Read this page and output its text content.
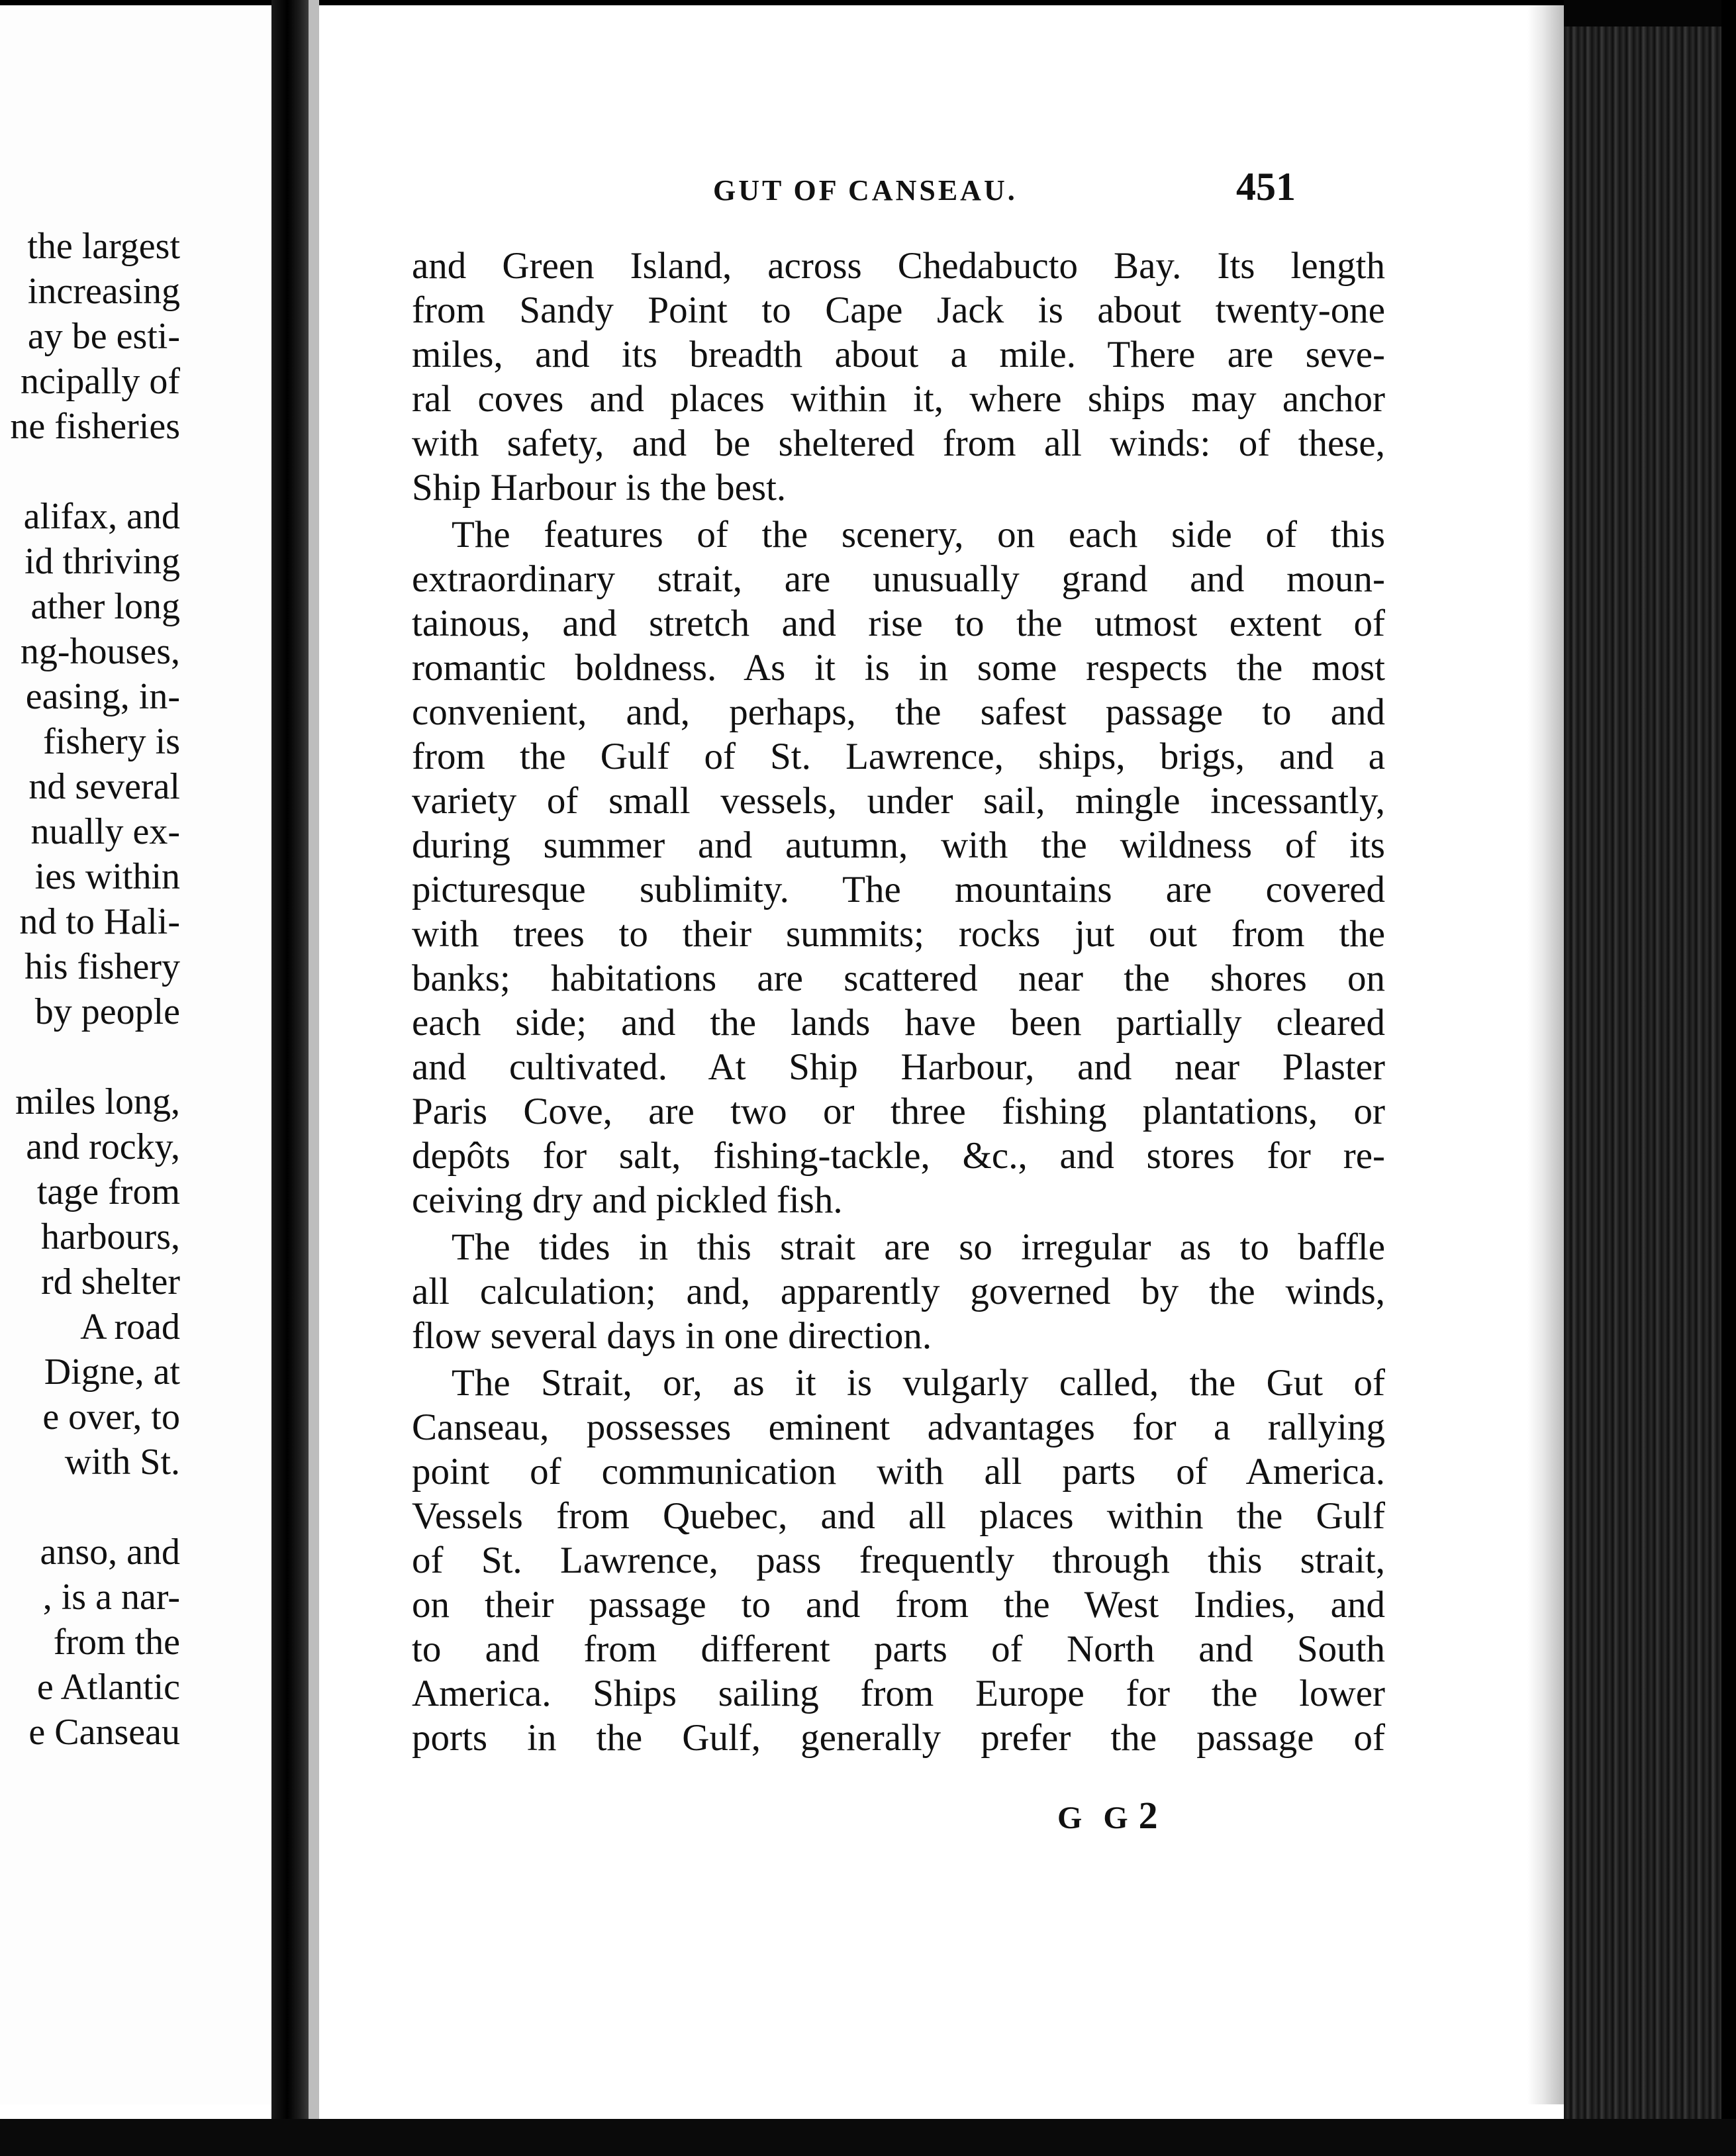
the largest
increasing
ay be esti-
ncipally of
ne fisheries
alifax, and
id thriving
ather long
ng-houses,
easing, in-
fishery is
nd several
nually ex-
ies within
nd to Hali-
his fishery
by people
miles long,
and rocky,
tage from
harbours,
rd shelter
A road
Digne, at
e over, to
with St.
anso, and
, is a nar-
from the
e Atlantic
e Canseau
GUT OF CANSEAU.	451
and Green Island, across Chedabucto Bay. Its length
from Sandy Point to Cape Jack is about twenty-one
miles, and its breadth about a mile. There are seve-
ral coves and places within it, where ships may anchor
with safety, and be sheltered from all winds: of these,
Ship Harbour is the best.
The features of the scenery, on each side of this
extraordinary strait, are unusually grand and moun-
tainous, and stretch and rise to the utmost extent of
romantic boldness. As it is in some respects the most
convenient, and, perhaps, the safest passage to and
from the Gulf of St. Lawrence, ships, brigs, and a
variety of small vessels, under sail, mingle incessantly,
during summer and autumn, with the wildness of its
picturesque sublimity. The mountains are covered
with trees to their summits; rocks jut out from the
banks; habitations are scattered near the shores on
each side; and the lands have been partially cleared
and cultivated. At Ship Harbour, and near Plaster
Paris Cove, are two or three fishing plantations, or
depôts for salt, fishing-tackle, &c., and stores for re-
ceiving dry and pickled fish.
The tides in this strait are so irregular as to baffle
all calculation; and, apparently governed by the winds,
flow several days in one direction.
The Strait, or, as it is vulgarly called, the Gut of
Canseau, possesses eminent advantages for a rallying
point of communication with all parts of America.
Vessels from Quebec, and all places within the Gulf
of St. Lawrence, pass frequently through this strait,
on their passage to and from the West Indies, and
to and from different parts of North and South
America. Ships sailing from Europe for the lower
ports in the Gulf, generally prefer the passage of
G G 2
